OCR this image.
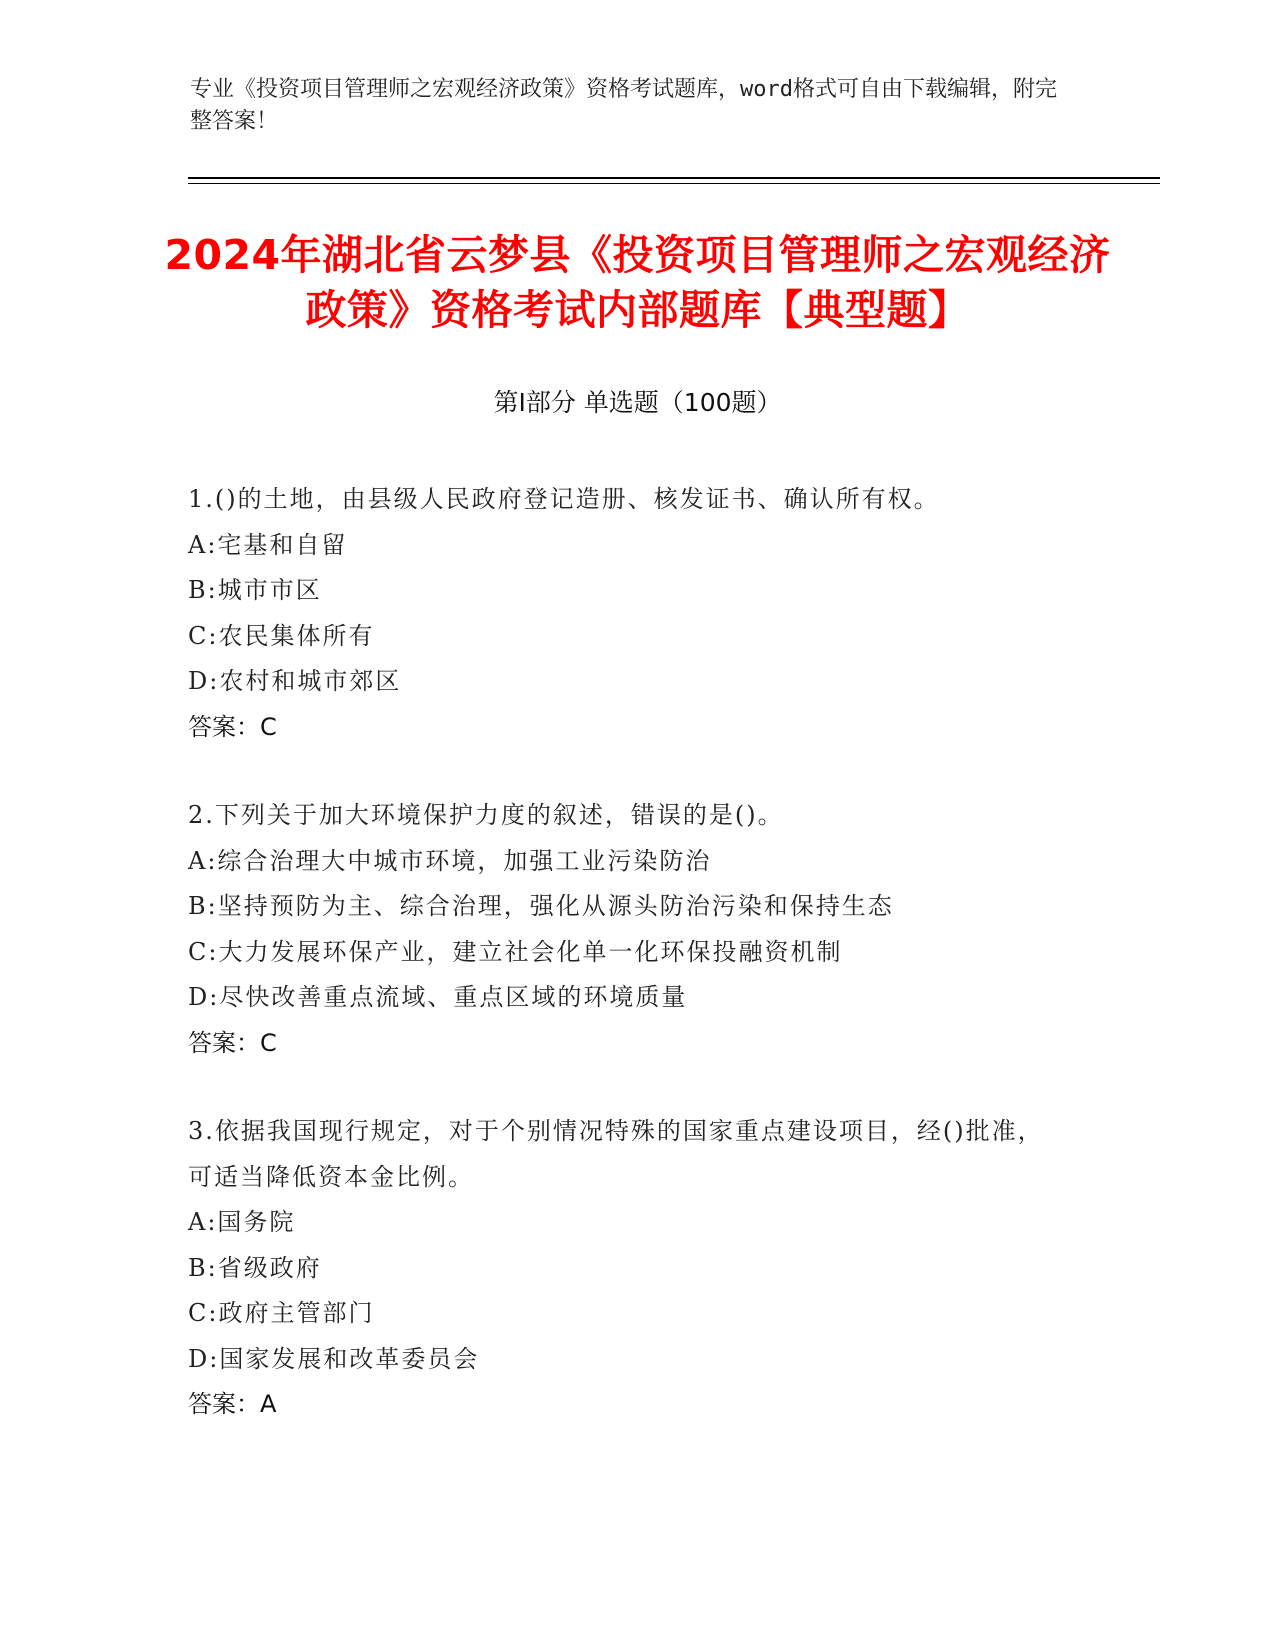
专业《投资项目管理师之宏观经济政策》资格考试题库，word格式可自由下载编辑，附完整答案！
2024年湖北省云梦县《投资项目管理师之宏观经济政策》资格考试内部题库【典型题】
第I部分 单选题（100题）
1.()的土地，由县级人民政府登记造册、核发证书、确认所有权。
A:宅基和自留
B:城市市区
C:农民集体所有
D:农村和城市郊区
答案：C
2.下列关于加大环境保护力度的叙述，错误的是()。
A:综合治理大中城市环境，加强工业污染防治
B:坚持预防为主、综合治理，强化从源头防治污染和保持生态
C:大力发展环保产业，建立社会化单一化环保投融资机制
D:尽快改善重点流域、重点区域的环境质量
答案：C
3.依据我国现行规定，对于个别情况特殊的国家重点建设项目，经()批准，可适当降低资本金比例。
A:国务院
B:省级政府
C:政府主管部门
D:国家发展和改革委员会
答案：A
